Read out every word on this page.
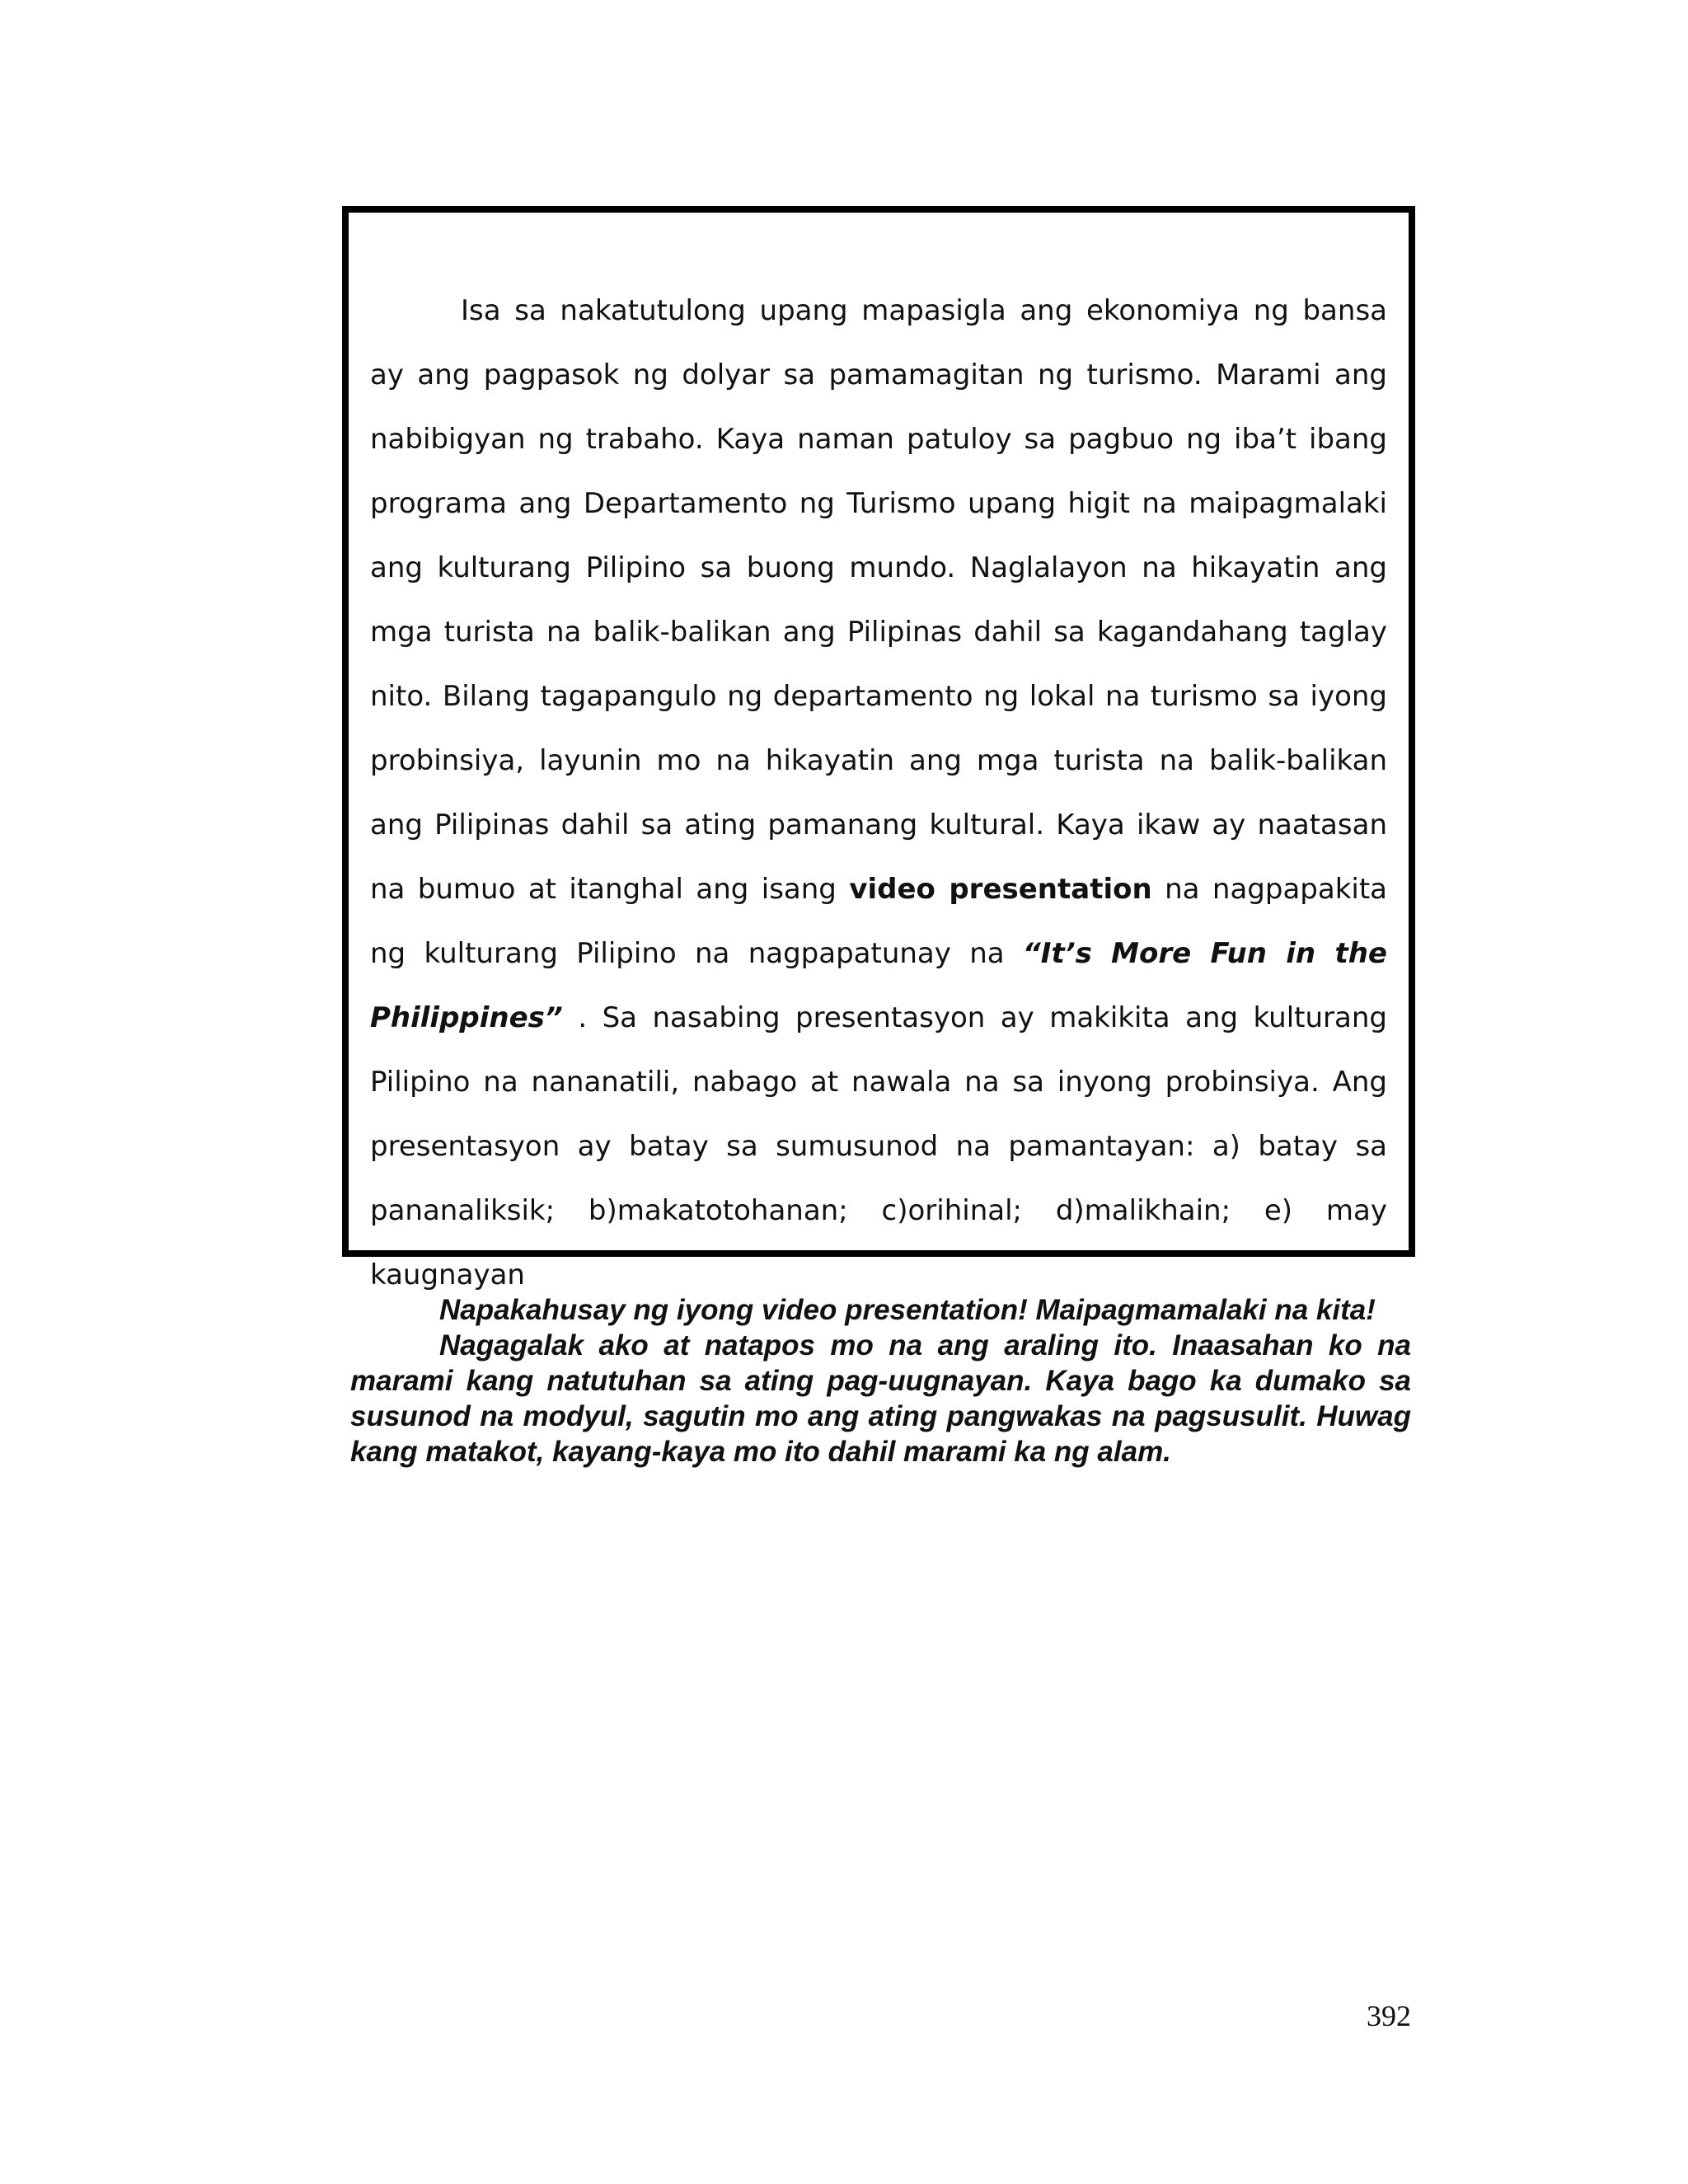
Isa sa nakatutulong upang mapasigla ang ekonomiya ng bansa ay ang pagpasok ng dolyar sa pamamagitan ng turismo. Marami ang nabibigyan ng trabaho. Kaya naman patuloy sa pagbuo ng iba’t ibang programa ang Departamento ng Turismo upang higit na maipagmalaki ang kulturang Pilipino sa buong mundo. Naglalayon na hikayatin ang mga turista na balik-balikan ang Pilipinas dahil sa kagandahang taglay nito. Bilang tagapangulo ng departamento ng lokal na turismo sa iyong probinsiya, layunin mo na hikayatin ang mga turista na balik-balikan ang Pilipinas dahil sa ating pamanang kultural. Kaya ikaw ay naatasan na bumuo at itanghal ang isang video presentation na nagpapakita ng kulturang Pilipino na nagpapatunay na “It’s More Fun in the Philippines” . Sa nasabing presentasyon ay makikita ang kulturang Pilipino na nananatili, nabago at nawala na sa inyong probinsiya. Ang presentasyon ay batay sa sumusunod na pamantayan: a) batay sa pananaliksik; b)makatotohanan; c)orihinal; d)malikhain; e) may kaugnayan

Napakahusay ng iyong video presentation! Maipagmamalaki na kita!

Nagagalak ako at natapos mo na ang araling ito. Inaasahan ko na marami kang natutuhan sa ating pag-uugnayan. Kaya bago ka dumako sa susunod na modyul, sagutin mo ang ating pangwakas na pagsusulit. Huwag kang matakot, kayang-kaya mo ito dahil marami ka ng alam.

392
